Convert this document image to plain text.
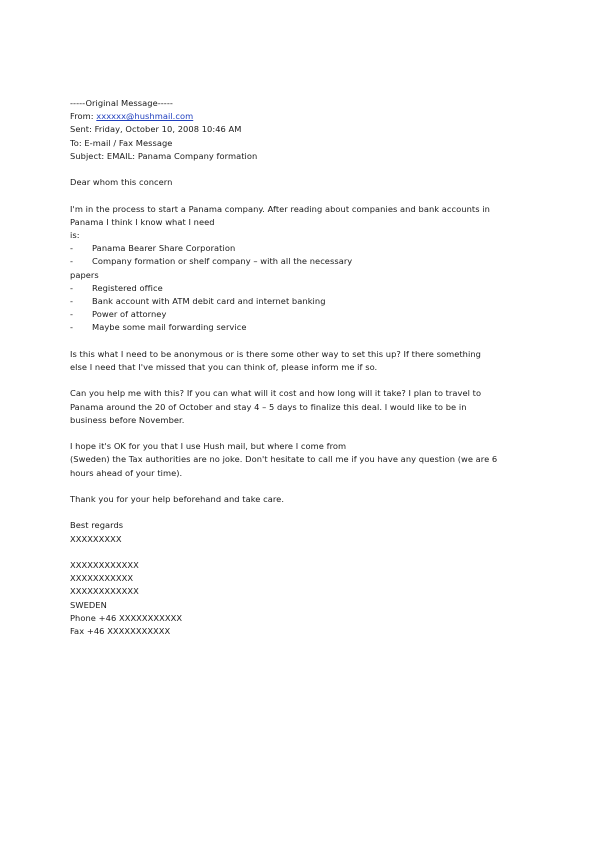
-----Original Message-----
From: xxxxxx@hushmail.com
Sent: Friday, October 10, 2008 10:46 AM
To: E-mail / Fax Message
Subject: EMAIL: Panama Company formation
Dear whom this concern
I'm in the process to start a Panama company. After reading about companies and bank accounts in
Panama I think I know what I need
is:
-	Panama Bearer Share Corporation
-	Company formation or shelf company – with all the necessary
papers
-	Registered office
-	Bank account with ATM debit card and internet banking
-	Power of attorney
-	Maybe some mail forwarding service
Is this what I need to be anonymous or is there some other way to set this up? If there something
else I need that I've missed that you can think of, please inform me if so.
Can you help me with this? If you can what will it cost and how long will it take? I plan to travel to
Panama around the 20 of October and stay 4 – 5 days to finalize this deal. I would like to be in
business before November.
I hope it's OK for you that I use Hush mail, but where I come from
(Sweden) the Tax authorities are no joke. Don't hesitate to call me if you have any question (we are 6
hours ahead of your time).
Thank you for your help beforehand and take care.
Best regards
XXXXXXXXX
XXXXXXXXXXXX
XXXXXXXXXXX
XXXXXXXXXXXX
SWEDEN
Phone +46 XXXXXXXXXXX
Fax +46 XXXXXXXXXXX
